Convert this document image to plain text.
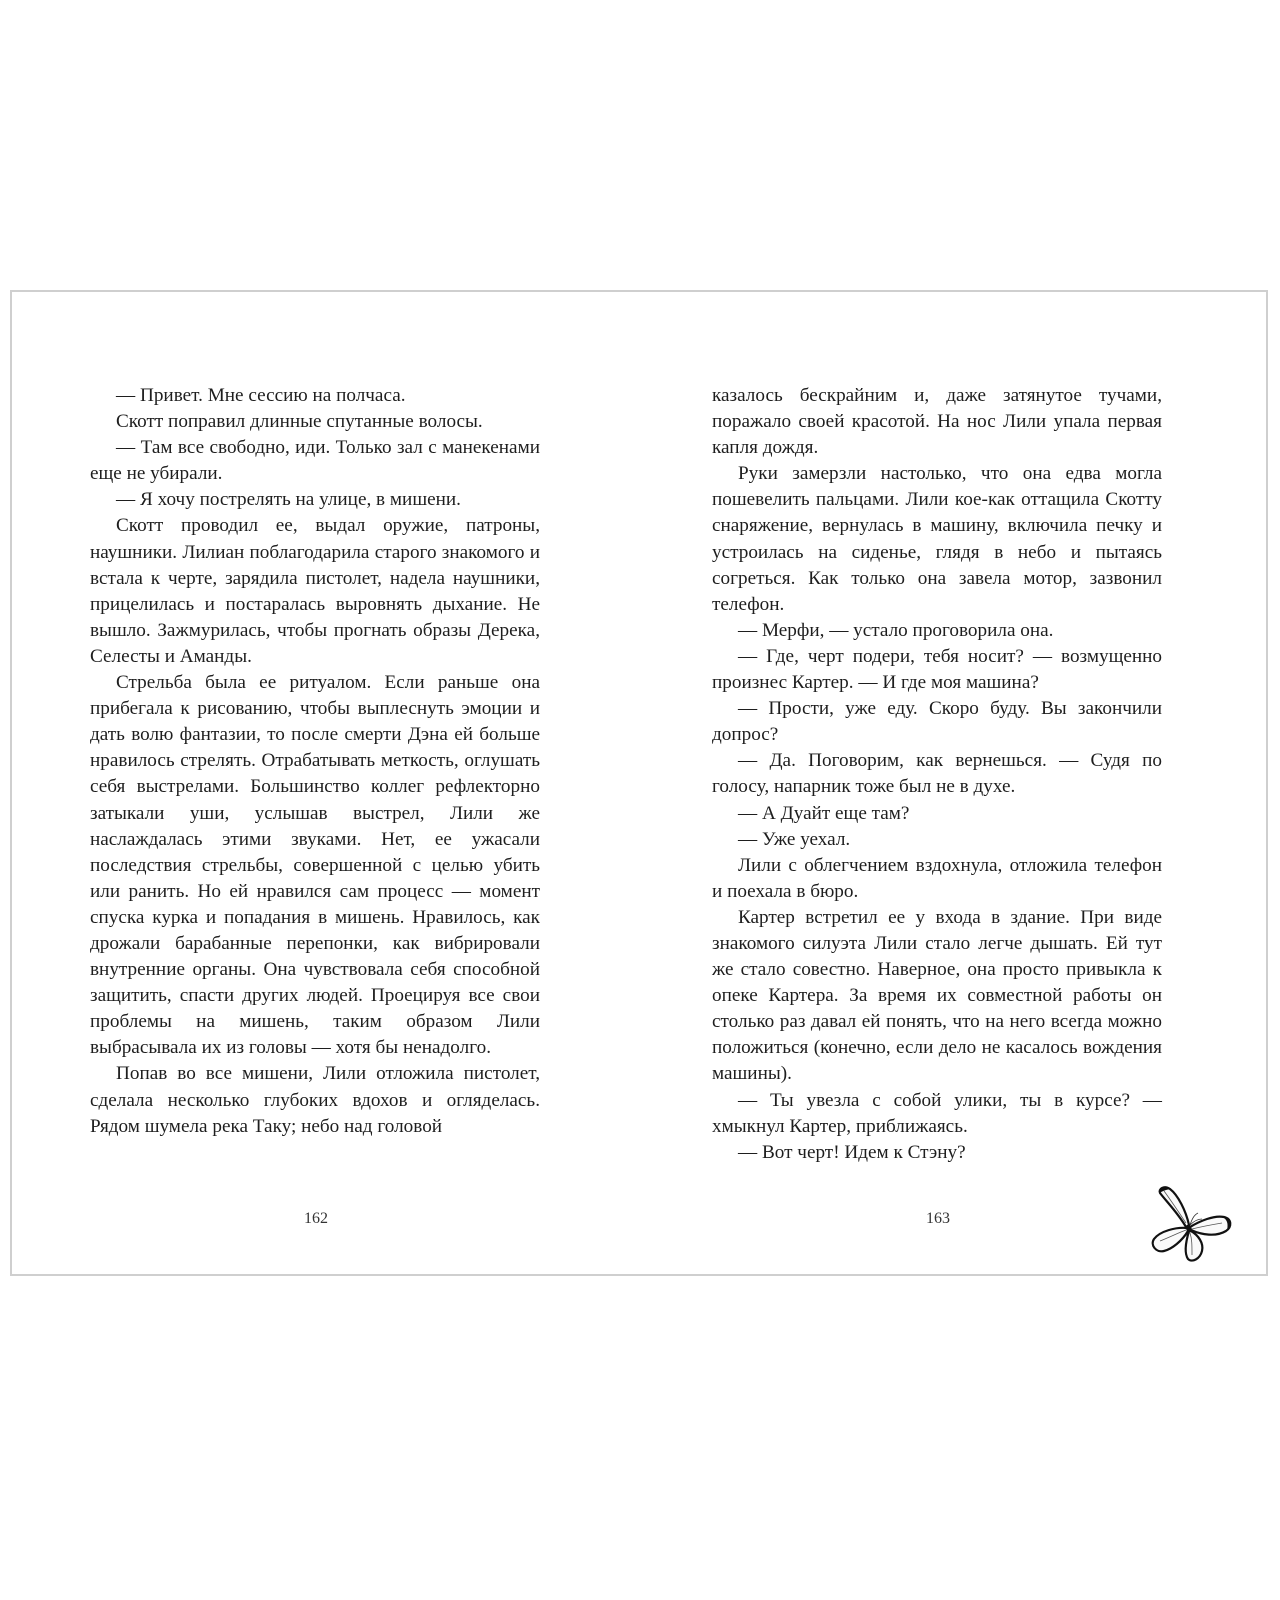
— Привет. Мне сессию на полчаса.

Скотт поправил длинные спутанные волосы.

— Там все свободно, иди. Только зал с манекенами еще не убирали.

— Я хочу пострелять на улице, в мишени.

Скотт проводил ее, выдал оружие, патроны, наушники. Лилиан поблагодарила старого знакомого и встала к черте, зарядила пистолет, надела наушники, прицелилась и постаралась выровнять дыхание. Не вышло. Зажмурилась, чтобы прогнать образы Дерека, Селесты и Аманды.

Стрельба была ее ритуалом. Если раньше она прибегала к рисованию, чтобы выплеснуть эмоции и дать волю фантазии, то после смерти Дэна ей больше нравилось стрелять. Отрабатывать меткость, оглушать себя выстрелами. Большинство коллег рефлекторно затыкали уши, услышав выстрел, Лили же наслаждалась этими звуками. Нет, ее ужасали последствия стрельбы, совершенной с целью убить или ранить. Но ей нравился сам процесс — момент спуска курка и попадания в мишень. Нравилось, как дрожали барабанные перепонки, как вибрировали внутренние органы. Она чувствовала себя способной защитить, спасти других людей. Проецируя все свои проблемы на мишень, таким образом Лили выбрасывала их из головы — хотя бы ненадолго.

Попав во все мишени, Лили отложила пистолет, сделала несколько глубоких вдохов и огляделась. Рядом шумела река Таку; небо над головой

казалось бескрайним и, даже затянутое тучами, поражало своей красотой. На нос Лили упала первая капля дождя.

Руки замерзли настолько, что она едва могла пошевелить пальцами. Лили кое-как оттащила Скотту снаряжение, вернулась в машину, включила печку и устроилась на сиденье, глядя в небо и пытаясь согреться. Как только она завела мотор, зазвонил телефон.

— Мерфи, — устало проговорила она.

— Где, черт подери, тебя носит? — возмущенно произнес Картер. — И где моя машина?

— Прости, уже еду. Скоро буду. Вы закончили допрос?

— Да. Поговорим, как вернешься. — Судя по голосу, напарник тоже был не в духе.

— А Дуайт еще там?

— Уже уехал.

Лили с облегчением вздохнула, отложила телефон и поехала в бюро.

Картер встретил ее у входа в здание. При виде знакомого силуэта Лили стало легче дышать. Ей тут же стало совестно. Наверное, она просто привыкла к опеке Картера. За время их совместной работы он столько раз давал ей понять, что на него всегда можно положиться (конечно, если дело не касалось вождения машины).

— Ты увезла с собой улики, ты в курсе? — хмыкнул Картер, приближаясь.

— Вот черт! Идем к Стэну?

162	163
